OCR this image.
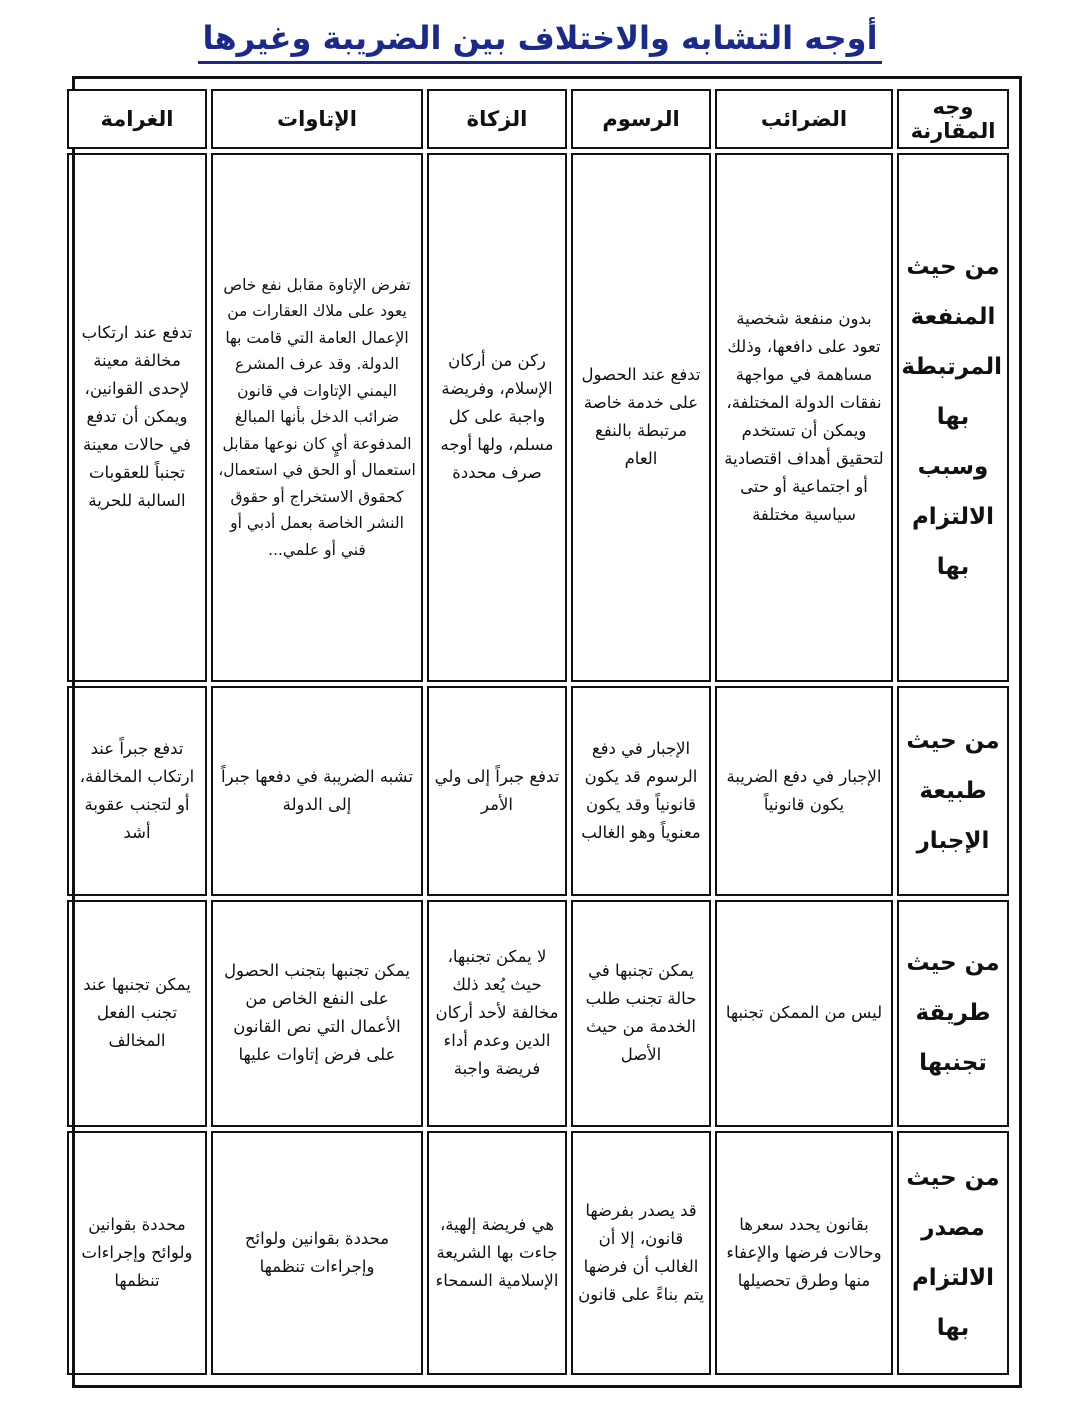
أوجه التشابه والاختلاف بين الضريبة وغيرها
وجه المقارنة	الضرائب	الرسوم	الزكاة	الإتاوات	الغرامة
من حيث المنفعة المرتبطة بها وسبب الالتزام بها	بدون منفعة شخصية تعود على دافعها، وذلك مساهمة في مواجهة نفقات الدولة المختلفة، ويمكن أن تستخدم لتحقيق أهداف اقتصادية أو اجتماعية أو حتى سياسية مختلفة	تدفع عند الحصول على خدمة خاصة مرتبطة بالنفع العام	ركن من أركان الإسلام، وفريضة واجبة على كل مسلم، ولها أوجه صرف محددة	تفرض الإتاوة مقابل نفع خاص يعود على ملاك العقارات من الإعمال العامة التي قامت بها الدولة. وقد عرف المشرع اليمني الإتاوات في قانون ضرائب الدخل بأنها المبالغ المدفوعة أيٍ كان نوعها مقابل استعمال أو الحق في استعمال، كحقوق الاستخراج أو حقوق النشر الخاصة بعمل أدبي أو فني أو علمي...	تدفع عند ارتكاب مخالفة معينة لإحدى القوانين، ويمكن أن تدفع في حالات معينة تجنباً للعقوبات السالبة للحرية
من حيث طبيعة الإجبار	الإجبار في دفع الضريبة يكون قانونياً	الإجبار في دفع الرسوم قد يكون قانونياً وقد يكون معنوياً وهو الغالب	تدفع جبراً إلى ولي الأمر	تشبه الضريبة في دفعها جبراً إلى الدولة	تدفع جبراً عند ارتكاب المخالفة، أو لتجنب عقوبة أشد
من حيث طريقة تجنبها	ليس من الممكن تجنبها	يمكن تجنبها في حالة تجنب طلب الخدمة من حيث الأصل	لا يمكن تجنبها، حيث يُعد ذلك مخالفة لأحد أركان الدين وعدم أداء فريضة واجبة	يمكن تجنبها بتجنب الحصول على النفع الخاص من الأعمال التي نص القانون على فرض إتاوات عليها	يمكن تجنبها عند تجنب الفعل المخالف
من حيث مصدر الالتزام بها	بقانون يحدد سعرها وحالات فرضها والإعفاء منها وطرق تحصيلها	قد يصدر بفرضها قانون، إلا أن الغالب أن فرضها يتم بناءً على قانون	هي فريضة إلهية، جاءت بها الشريعة الإسلامية السمحاء	محددة بقوانين ولوائح وإجراءات تنظمها	محددة بقوانين ولوائح وإجراءات تنظمها
